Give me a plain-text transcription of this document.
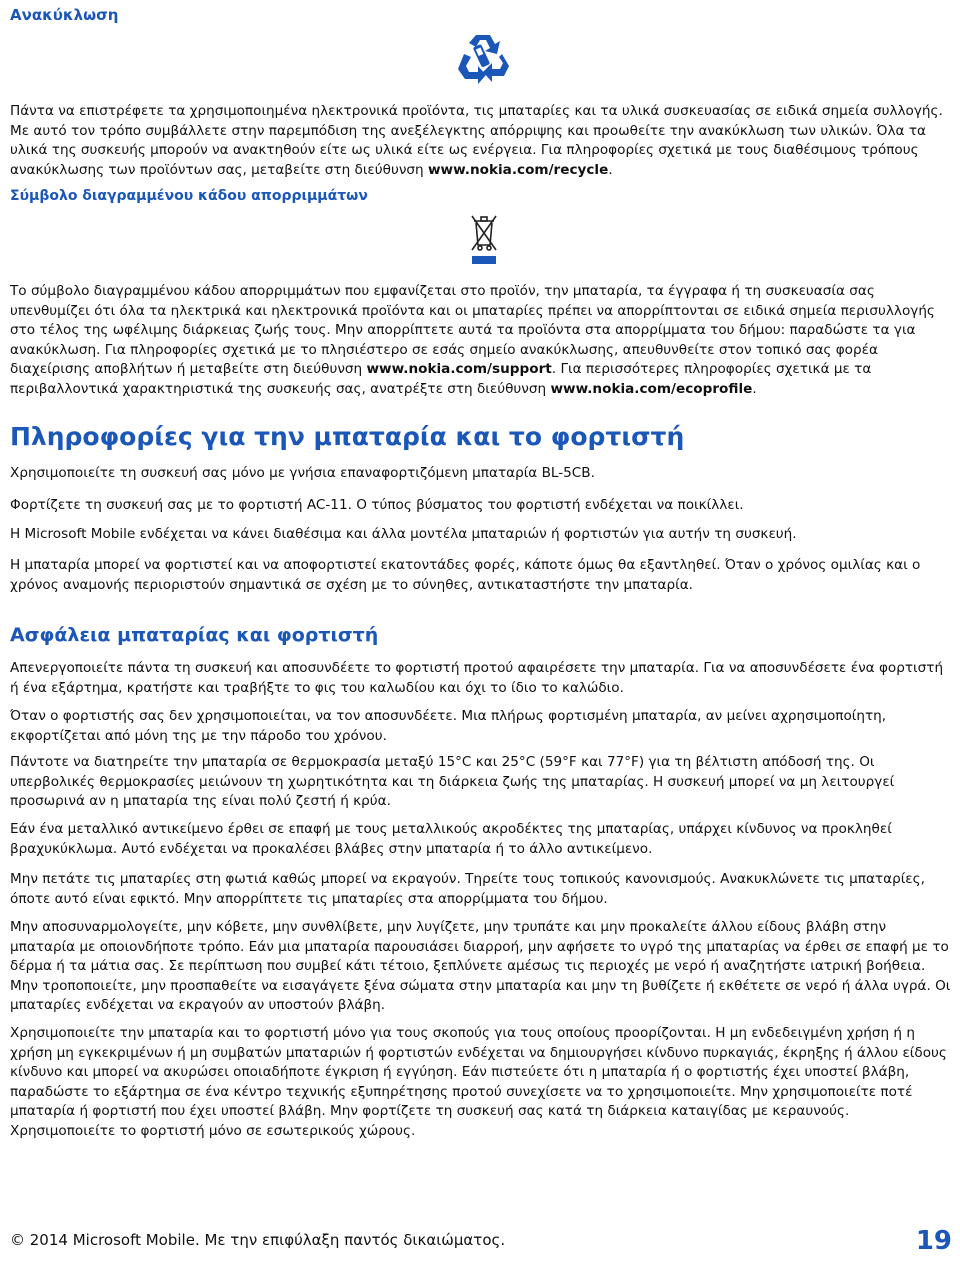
Ανακύκλωση

Πάντα να επιστρέφετε τα χρησιμοποιημένα ηλεκτρονικά προϊόντα, τις μπαταρίες και τα υλικά συσκευασίας σε ειδικά σημεία συλλογής. Με αυτό τον τρόπο συμβάλλετε στην παρεμπόδιση της ανεξέλεγκτης απόρριψης και προωθείτε την ανακύκλωση των υλικών. Όλα τα υλικά της συσκευής μπορούν να ανακτηθούν είτε ως υλικά είτε ως ενέργεια. Για πληροφορίες σχετικά με τους διαθέσιμους τρόπους ανακύκλωσης των προϊόντων σας, μεταβείτε στη διεύθυνση www.nokia.com/recycle.

Σύμβολο διαγραμμένου κάδου απορριμμάτων

Το σύμβολο διαγραμμένου κάδου απορριμμάτων που εμφανίζεται στο προϊόν, την μπαταρία, τα έγγραφα ή τη συσκευασία σας υπενθυμίζει ότι όλα τα ηλεκτρικά και ηλεκτρονικά προϊόντα και οι μπαταρίες πρέπει να απορρίπτονται σε ειδικά σημεία περισυλλογής στο τέλος της ωφέλιμης διάρκειας ζωής τους. Μην απορρίπτετε αυτά τα προϊόντα στα απορρίμματα του δήμου: παραδώστε τα για ανακύκλωση. Για πληροφορίες σχετικά με το πλησιέστερο σε εσάς σημείο ανακύκλωσης, απευθυνθείτε στον τοπικό σας φορέα διαχείρισης αποβλήτων ή μεταβείτε στη διεύθυνση www.nokia.com/support. Για περισσότερες πληροφορίες σχετικά με τα περιβαλλοντικά χαρακτηριστικά της συσκευής σας, ανατρέξτε στη διεύθυνση www.nokia.com/ecoprofile.

Πληροφορίες για την μπαταρία και το φορτιστή

Χρησιμοποιείτε τη συσκευή σας μόνο με γνήσια επαναφορτιζόμενη μπαταρία BL-5CB.

Φορτίζετε τη συσκευή σας με το φορτιστή AC-11. Ο τύπος βύσματος του φορτιστή ενδέχεται να ποικίλλει.

Η Microsoft Mobile ενδέχεται να κάνει διαθέσιμα και άλλα μοντέλα μπαταριών ή φορτιστών για αυτήν τη συσκευή.

Η μπαταρία μπορεί να φορτιστεί και να αποφορτιστεί εκατοντάδες φορές, κάποτε όμως θα εξαντληθεί. Όταν ο χρόνος ομιλίας και ο χρόνος αναμονής περιοριστούν σημαντικά σε σχέση με το σύνηθες, αντικαταστήστε την μπαταρία.

Ασφάλεια μπαταρίας και φορτιστή

Απενεργοποιείτε πάντα τη συσκευή και αποσυνδέετε το φορτιστή προτού αφαιρέσετε την μπαταρία. Για να αποσυνδέσετε ένα φορτιστή ή ένα εξάρτημα, κρατήστε και τραβήξτε το φις του καλωδίου και όχι το ίδιο το καλώδιο.

Όταν ο φορτιστής σας δεν χρησιμοποιείται, να τον αποσυνδέετε. Μια πλήρως φορτισμένη μπαταρία, αν μείνει αχρησιμοποίητη, εκφορτίζεται από μόνη της με την πάροδο του χρόνου.

Πάντοτε να διατηρείτε την μπαταρία σε θερμοκρασία μεταξύ 15°C και 25°C (59°F και 77°F) για τη βέλτιστη απόδοσή της. Οι υπερβολικές θερμοκρασίες μειώνουν τη χωρητικότητα και τη διάρκεια ζωής της μπαταρίας. Η συσκευή μπορεί να μη λειτουργεί προσωρινά αν η μπαταρία της είναι πολύ ζεστή ή κρύα.

Εάν ένα μεταλλικό αντικείμενο έρθει σε επαφή με τους μεταλλικούς ακροδέκτες της μπαταρίας, υπάρχει κίνδυνος να προκληθεί βραχυκύκλωμα. Αυτό ενδέχεται να προκαλέσει βλάβες στην μπαταρία ή το άλλο αντικείμενο.

Μην πετάτε τις μπαταρίες στη φωτιά καθώς μπορεί να εκραγούν. Τηρείτε τους τοπικούς κανονισμούς. Ανακυκλώνετε τις μπαταρίες, όποτε αυτό είναι εφικτό. Μην απορρίπτετε τις μπαταρίες στα απορρίμματα του δήμου.

Μην αποσυναρμολογείτε, μην κόβετε, μην συνθλίβετε, μην λυγίζετε, μην τρυπάτε και μην προκαλείτε άλλου είδους βλάβη στην μπαταρία με οποιονδήποτε τρόπο. Εάν μια μπαταρία παρουσιάσει διαρροή, μην αφήσετε το υγρό της μπαταρίας να έρθει σε επαφή με το δέρμα ή τα μάτια σας. Σε περίπτωση που συμβεί κάτι τέτοιο, ξεπλύνετε αμέσως τις περιοχές με νερό ή αναζητήστε ιατρική βοήθεια. Μην τροποποιείτε, μην προσπαθείτε να εισαγάγετε ξένα σώματα στην μπαταρία και μην τη βυθίζετε ή εκθέτετε σε νερό ή άλλα υγρά. Οι μπαταρίες ενδέχεται να εκραγούν αν υποστούν βλάβη.

Χρησιμοποιείτε την μπαταρία και το φορτιστή μόνο για τους σκοπούς για τους οποίους προορίζονται. Η μη ενδεδειγμένη χρήση ή η χρήση μη εγκεκριμένων ή μη συμβατών μπαταριών ή φορτιστών ενδέχεται να δημιουργήσει κίνδυνο πυρκαγιάς, έκρηξης ή άλλου είδους κίνδυνο και μπορεί να ακυρώσει οποιαδήποτε έγκριση ή εγγύηση. Εάν πιστεύετε ότι η μπαταρία ή ο φορτιστής έχει υποστεί βλάβη, παραδώστε το εξάρτημα σε ένα κέντρο τεχνικής εξυπηρέτησης προτού συνεχίσετε να το χρησιμοποιείτε. Μην χρησιμοποιείτε ποτέ μπαταρία ή φορτιστή που έχει υποστεί βλάβη. Μην φορτίζετε τη συσκευή σας κατά τη διάρκεια καταιγίδας με κεραυνούς. Χρησιμοποιείτε το φορτιστή μόνο σε εσωτερικούς χώρους.

© 2014 Microsoft Mobile. Με την επιφύλαξη παντός δικαιώματος.	19
